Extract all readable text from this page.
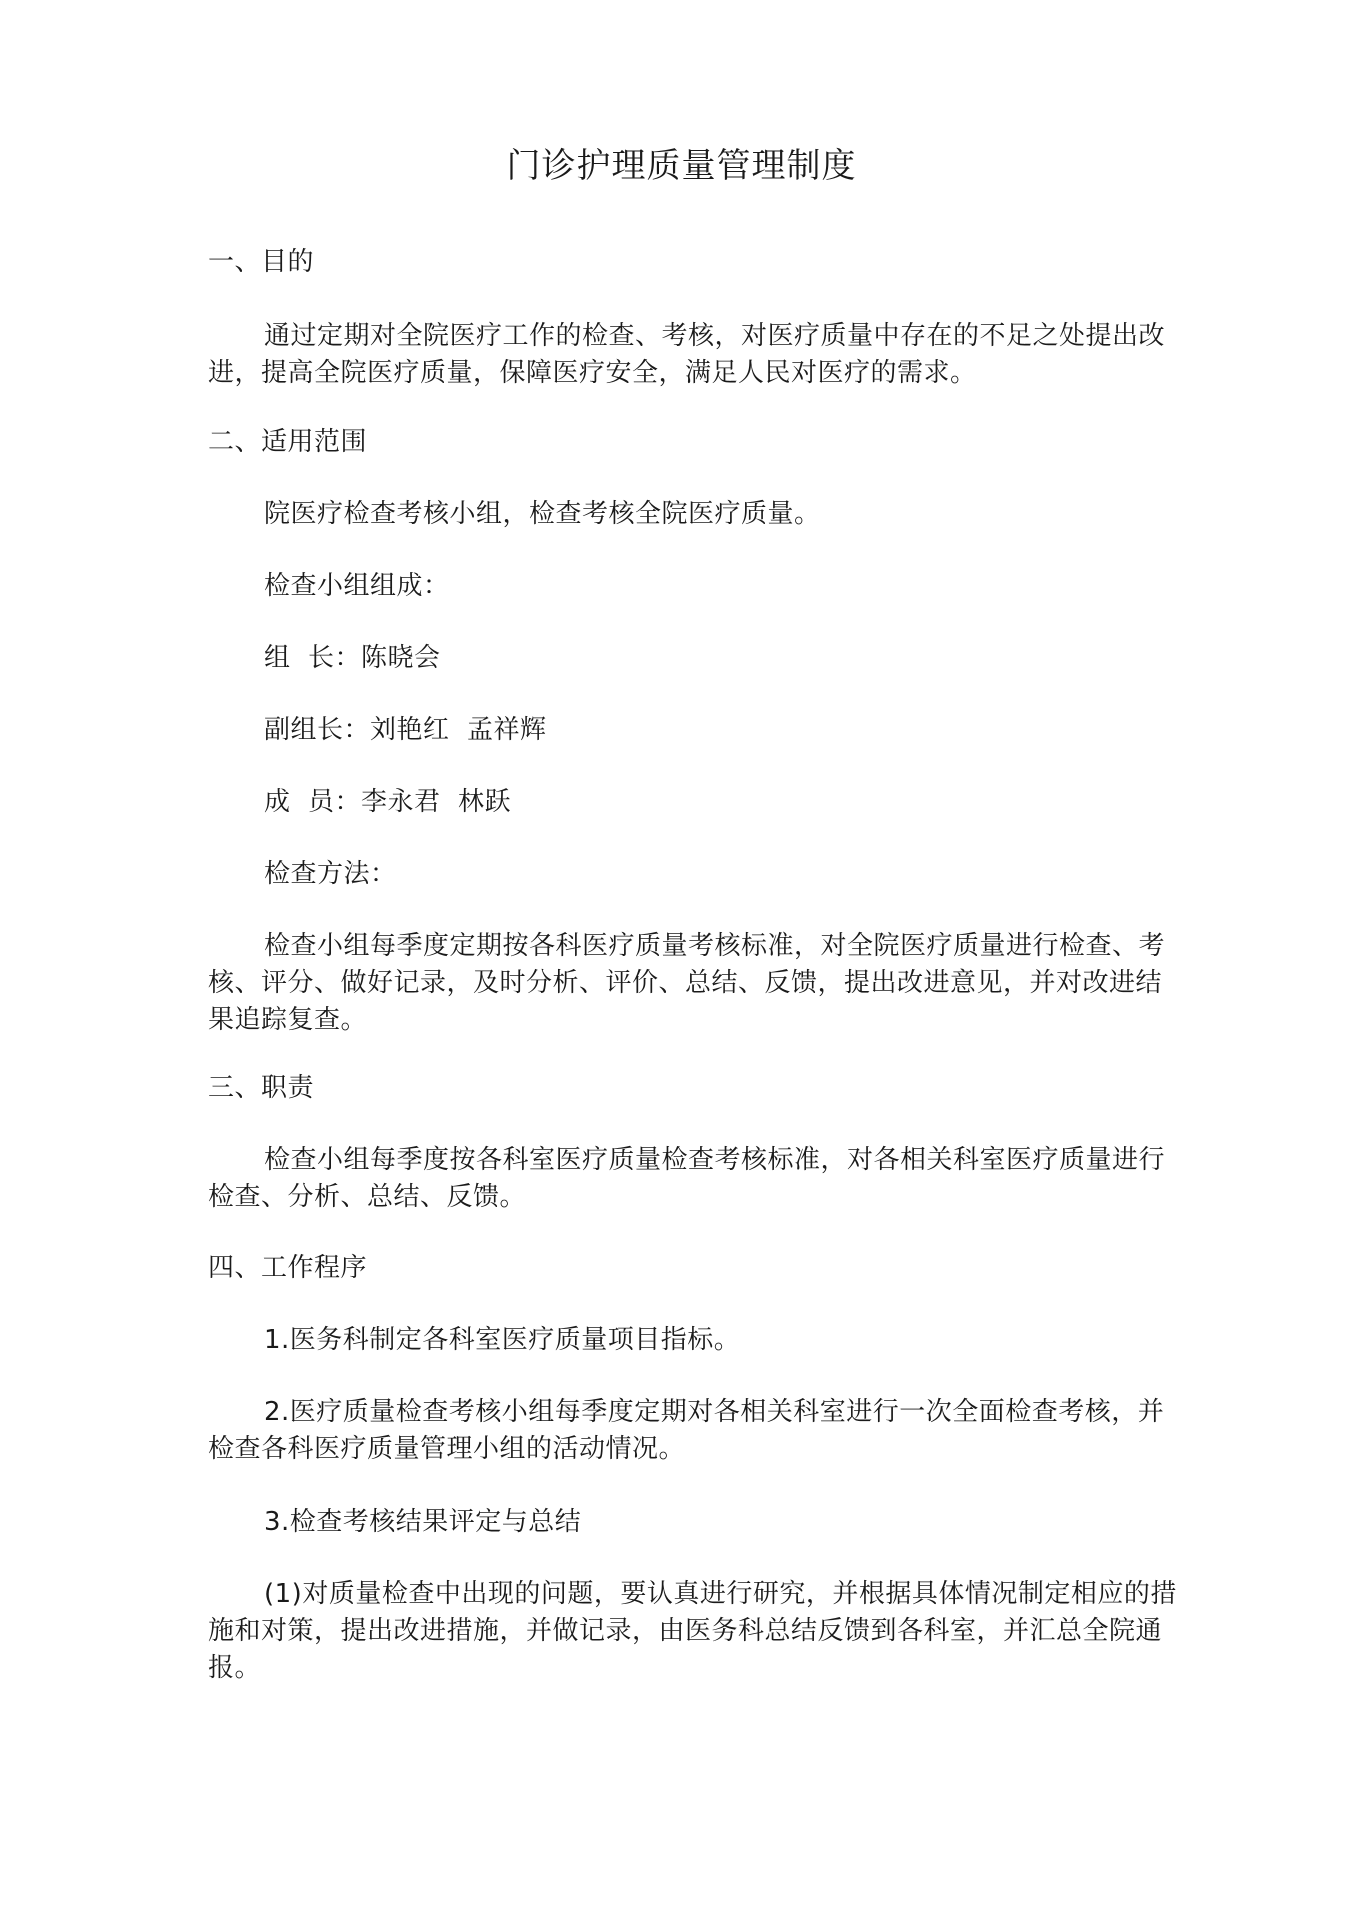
门诊护理质量管理制度

一、目的

通过定期对全院医疗工作的检查、考核，对医疗质量中存在的不足之处提出改进，提高全院医疗质量，保障医疗安全，满足人民对医疗的需求。

二、适用范围

院医疗检查考核小组，检查考核全院医疗质量。

检查小组组成：

组  长：陈晓会

副组长：刘艳红  孟祥辉

成  员：李永君  林跃

检查方法：

检查小组每季度定期按各科医疗质量考核标准，对全院医疗质量进行检查、考核、评分、做好记录，及时分析、评价、总结、反馈，提出改进意见，并对改进结果追踪复查。

三、职责

检查小组每季度按各科室医疗质量检查考核标准，对各相关科室医疗质量进行检查、分析、总结、反馈。

四、工作程序

1.医务科制定各科室医疗质量项目指标。

2.医疗质量检查考核小组每季度定期对各相关科室进行一次全面检查考核，并检查各科医疗质量管理小组的活动情况。

3.检查考核结果评定与总结

(1)对质量检查中出现的问题，要认真进行研究，并根据具体情况制定相应的措施和对策，提出改进措施，并做记录，由医务科总结反馈到各科室，并汇总全院通报。
